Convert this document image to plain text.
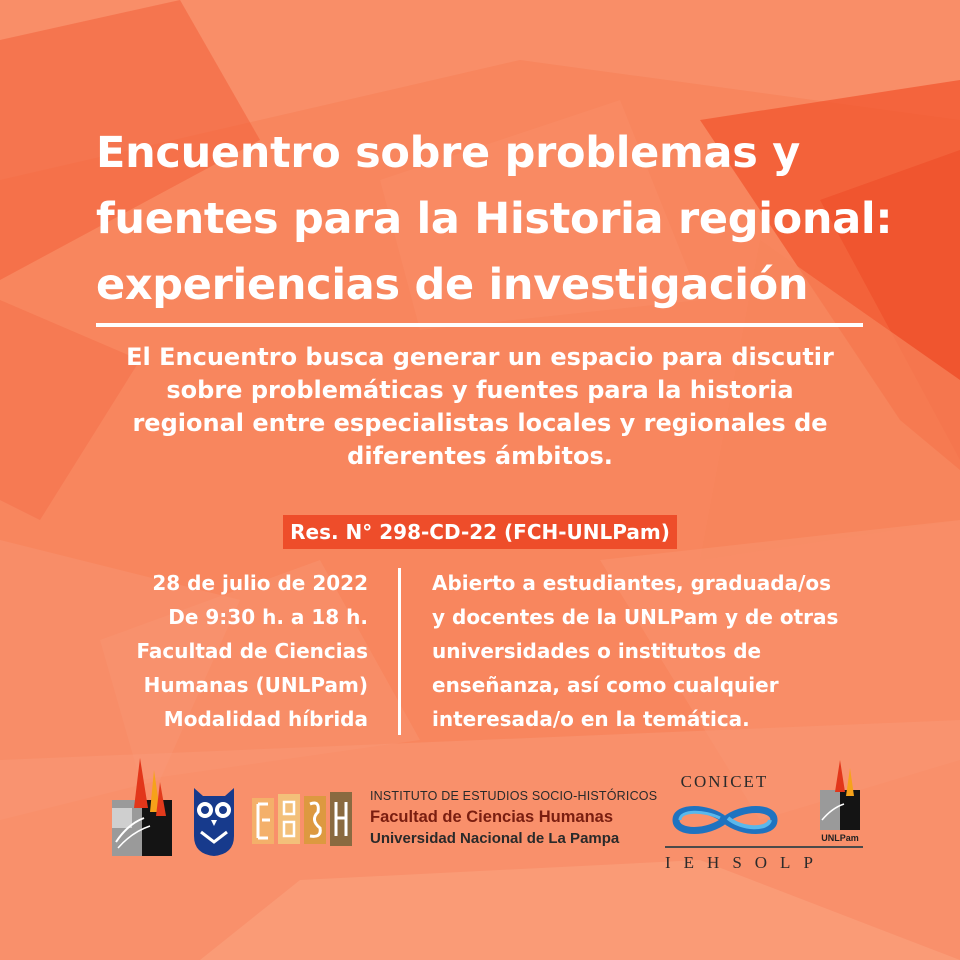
Encuentro sobre problemas y
fuentes para la Historia regional:
experiencias de investigación
El Encuentro busca generar un espacio para discutir
sobre problemáticas y fuentes para la historia
regional entre especialistas locales y regionales de
diferentes ámbitos.
Res. N° 298-CD-22 (FCH-UNLPam)
28 de julio de 2022
De 9:30 h. a 18 h.
Facultad de Ciencias
Humanas (UNLPam)
Modalidad híbrida
Abierto a estudiantes, graduada/os
y docentes de la UNLPam y de otras
universidades o institutos de
enseñanza, así como cualquier
interesada/o en la temática.
INSTITUTO DE ESTUDIOS SOCIO-HISTÓRICOS
Facultad de Ciencias Humanas
Universidad Nacional de La Pampa
CONICET
IEHSOLP
UNLPam
